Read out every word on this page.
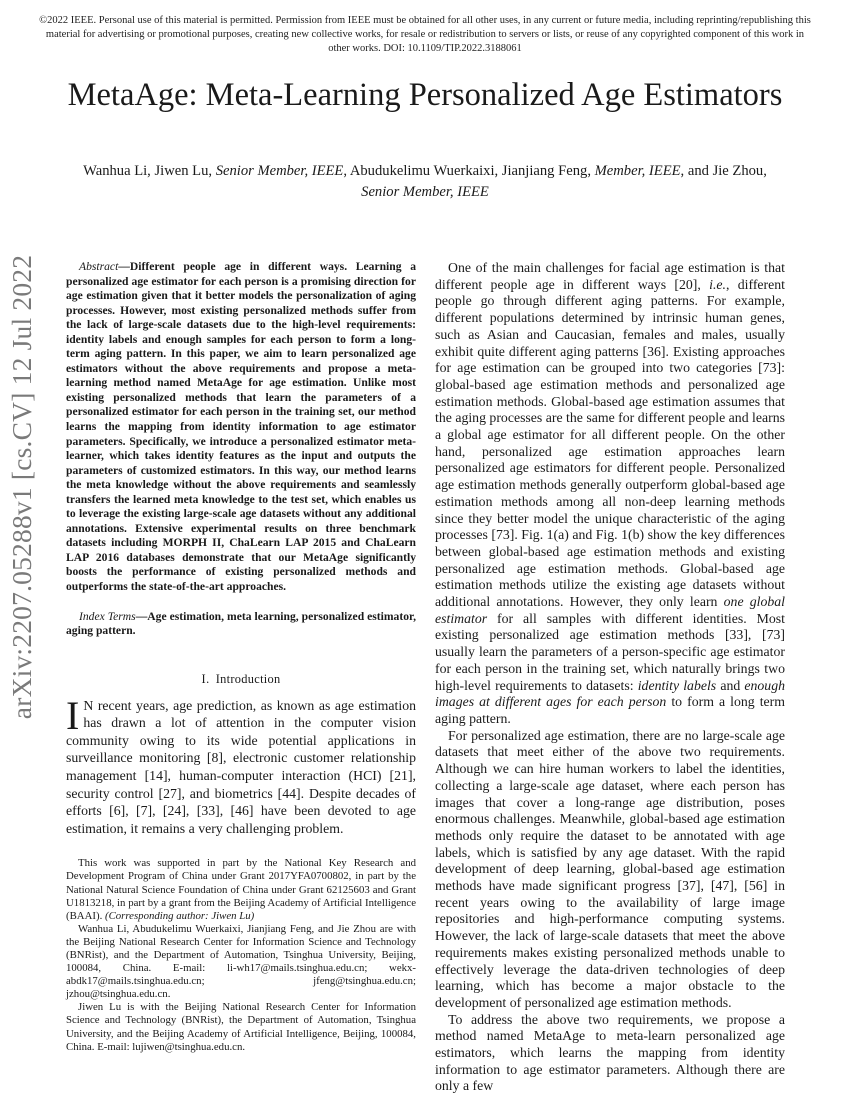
©2022 IEEE. Personal use of this material is permitted. Permission from IEEE must be obtained for all other uses, in any current or future media, including reprinting/republishing this material for advertising or promotional purposes, creating new collective works, for resale or redistribution to servers or lists, or reuse of any copyrighted component of this work in other works. DOI: 10.1109/TIP.2022.3188061
arXiv:2207.05288v1 [cs.CV] 12 Jul 2022
MetaAge: Meta-Learning Personalized Age Estimators

Wanhua Li, Jiwen Lu, Senior Member, IEEE, Abudukelimu Wuerkaixi, Jianjiang Feng, Member, IEEE, and Jie Zhou, Senior Member, IEEE

Abstract—Different people age in different ways. Learning a personalized age estimator for each person is a promising direction for age estimation given that it better models the personalization of aging processes. However, most existing personalized methods suffer from the lack of large-scale datasets due to the high-level requirements: identity labels and enough samples for each person to form a long-term aging pattern. In this paper, we aim to learn personalized age estimators without the above requirements and propose a meta-learning method named MetaAge for age estimation. Unlike most existing personalized methods that learn the parameters of a personalized estimator for each person in the training set, our method learns the mapping from identity information to age estimator parameters. Specifically, we introduce a personalized estimator meta-learner, which takes identity features as the input and outputs the parameters of customized estimators. In this way, our method learns the meta knowledge without the above requirements and seamlessly transfers the learned meta knowledge to the test set, which enables us to leverage the existing large-scale age datasets without any additional annotations. Extensive experimental results on three benchmark datasets including MORPH II, ChaLearn LAP 2015 and ChaLearn LAP 2016 databases demonstrate that our MetaAge significantly boosts the performance of existing personalized methods and outperforms the state-of-the-art approaches.

Index Terms—Age estimation, meta learning, personalized estimator, aging pattern.

I. Introduction

I N recent years, age prediction, as known as age estimation has drawn a lot of attention in the computer vision community owing to its wide potential applications in surveillance monitoring [8], electronic customer relationship management [14], human-computer interaction (HCI) [21], security control [27], and biometrics [44]. Despite decades of efforts [6], [7], [24], [33], [46] have been devoted to age estimation, it remains a very challenging problem.

This work was supported in part by the National Key Research and Development Program of China under Grant 2017YFA0700802, in part by the National Natural Science Foundation of China under Grant 62125603 and Grant U1813218, in part by a grant from the Beijing Academy of Artificial Intelligence (BAAI). (Corresponding author: Jiwen Lu)

Wanhua Li, Abudukelimu Wuerkaixi, Jianjiang Feng, and Jie Zhou are with the Beijing National Research Center for Information Science and Technology (BNRist), and the Department of Automation, Tsinghua University, Beijing, 100084, China. E-mail: li-wh17@mails.tsinghua.edu.cn; wekx-abdk17@mails.tsinghua.edu.cn; jfeng@tsinghua.edu.cn; jzhou@tsinghua.edu.cn.

Jiwen Lu is with the Beijing National Research Center for Information Science and Technology (BNRist), the Department of Automation, Tsinghua University, and the Beijing Academy of Artificial Intelligence, Beijing, 100084, China. E-mail: lujiwen@tsinghua.edu.cn.

One of the main challenges for facial age estimation is that different people age in different ways [20], i.e., different people go through different aging patterns. For example, different populations determined by intrinsic human genes, such as Asian and Caucasian, females and males, usually exhibit quite different aging patterns [36]. Existing approaches for age estimation can be grouped into two categories [73]: global-based age estimation methods and personalized age estimation methods. Global-based age estimation assumes that the aging processes are the same for different people and learns a global age estimator for all different people. On the other hand, personalized age estimation approaches learn personalized age estimators for different people. Personalized age estimation methods generally outperform global-based age estimation methods among all non-deep learning methods since they better model the unique characteristic of the aging processes [73]. Fig. 1(a) and Fig. 1(b) show the key differences between global-based age estimation methods and existing personalized age estimation methods. Global-based age estimation methods utilize the existing age datasets without additional annotations. However, they only learn one global estimator for all samples with different identities. Most existing personalized age estimation methods [33], [73] usually learn the parameters of a person-specific age estimator for each person in the training set, which naturally brings two high-level requirements to datasets: identity labels and enough images at different ages for each person to form a long term aging pattern.

For personalized age estimation, there are no large-scale age datasets that meet either of the above two requirements. Although we can hire human workers to label the identities, collecting a large-scale age dataset, where each person has images that cover a long-range age distribution, poses enormous challenges. Meanwhile, global-based age estimation methods only require the dataset to be annotated with age labels, which is satisfied by any age dataset. With the rapid development of deep learning, global-based age estimation methods have made significant progress [37], [47], [56] in recent years owing to the availability of large image repositories and high-performance computing systems. However, the lack of large-scale datasets that meet the above requirements makes existing personalized methods unable to effectively leverage the data-driven technologies of deep learning, which has become a major obstacle to the development of personalized age estimation methods.

To address the above two requirements, we propose a method named MetaAge to meta-learn personalized age estimators, which learns the mapping from identity information to age estimator parameters. Although there are only a few
